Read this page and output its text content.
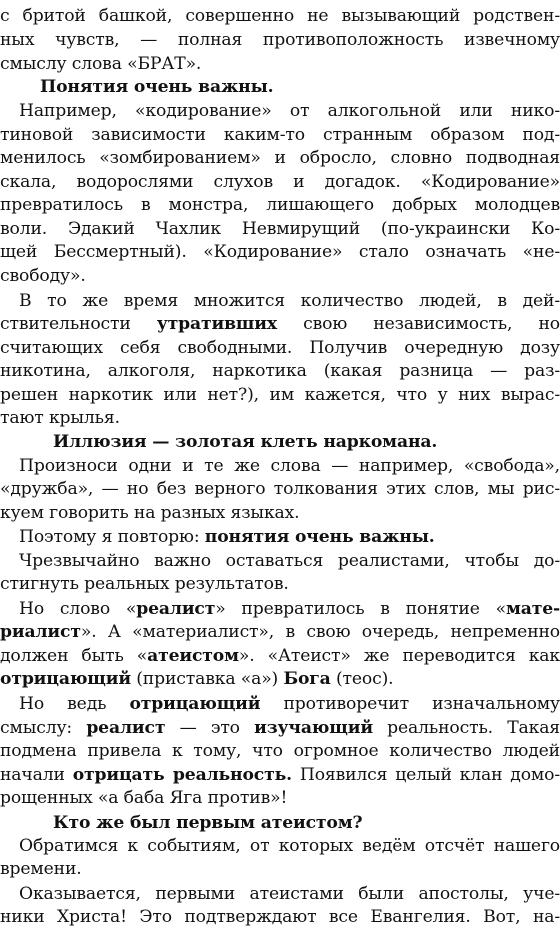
с бритой башкой, совершенно не вызывающий родствен-
ных чувств, — полная противоположность извечному
смыслу слова «БРАТ».
Понятия очень важны.
Например, «кодирование» от алкогольной или нико-
тиновой зависимости каким-то странным образом под-
менилось «зомбированием» и обросло, словно подводная
скала, водорослями слухов и догадок. «Кодирование»
превратилось в монстра, лишающего добрых молодцев
воли. Эдакий Чахлик Невмирущий (по-украински Ко-
щей Бессмертный). «Кодирование» стало означать «не-
свободу».
В то же время множится количество людей, в дей-
ствительности утративших свою независимость, но
считающих себя свободными. Получив очередную дозу
никотина, алкоголя, наркотика (какая разница — раз-
решен наркотик или нет?), им кажется, что у них вырас-
тают крылья.
Иллюзия — золотая клеть наркомана.
Произноси одни и те же слова — например, «свобода»,
«дружба», — но без верного толкования этих слов, мы рис-
куем говорить на разных языках.
Поэтому я повторю: понятия очень важны.
Чрезвычайно важно оставаться реалистами, чтобы до-
стигнуть реальных результатов.
Но слово «реалист» превратилось в понятие «мате-
риалист». А «материалист», в свою очередь, непременно
должен быть «атеистом». «Атеист» же переводится как
отрицающий (приставка «а») Бога (теос).
Но ведь отрицающий противоречит изначальному
смыслу: реалист — это изучающий реальность. Такая
подмена привела к тому, что огромное количество людей
начали отрицать реальность. Появился целый клан домо-
рощенных «а баба Яга против»!
Кто же был первым атеистом?
Обратимся к событиям, от которых ведём отсчёт нашего
времени.
Оказывается, первыми атеистами были апостолы, уче-
ники Христа! Это подтверждают все Евангелия. Вот, на-
